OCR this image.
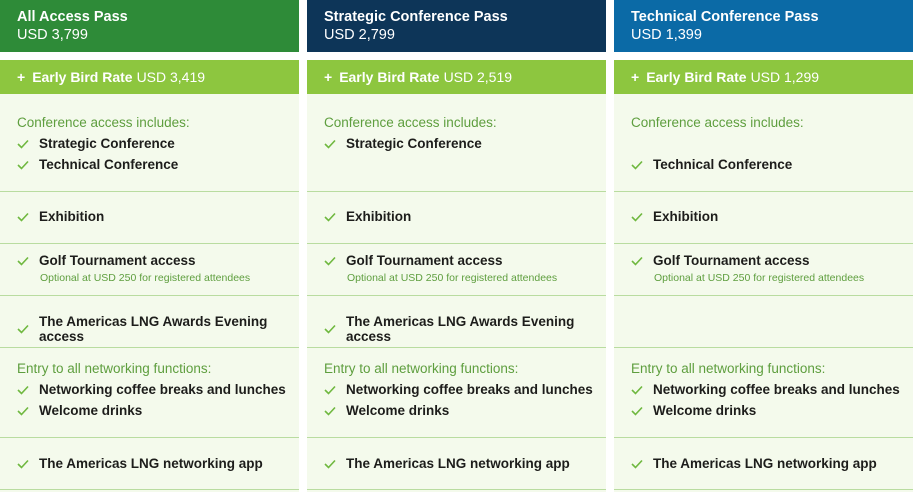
All Access Pass
USD 3,799
+ Early Bird Rate USD 3,419
Conference access includes:
Strategic Conference
Technical Conference
Exhibition
Golf Tournament access
Optional at USD 250 for registered attendees
The Americas LNG Awards Evening access
Entry to all networking functions:
Networking coffee breaks and lunches
Welcome drinks
The Americas LNG networking app
Strategic Conference Pass
USD 2,799
+ Early Bird Rate USD 2,519
Conference access includes:
Strategic Conference
Exhibition
Golf Tournament access
Optional at USD 250 for registered attendees
The Americas LNG Awards Evening access
Entry to all networking functions:
Networking coffee breaks and lunches
Welcome drinks
The Americas LNG networking app
Technical Conference Pass
USD 1,399
+ Early Bird Rate USD 1,299
Conference access includes:
Technical Conference
Exhibition
Golf Tournament access
Optional at USD 250 for registered attendees
Entry to all networking functions:
Networking coffee breaks and lunches
Welcome drinks
The Americas LNG networking app
